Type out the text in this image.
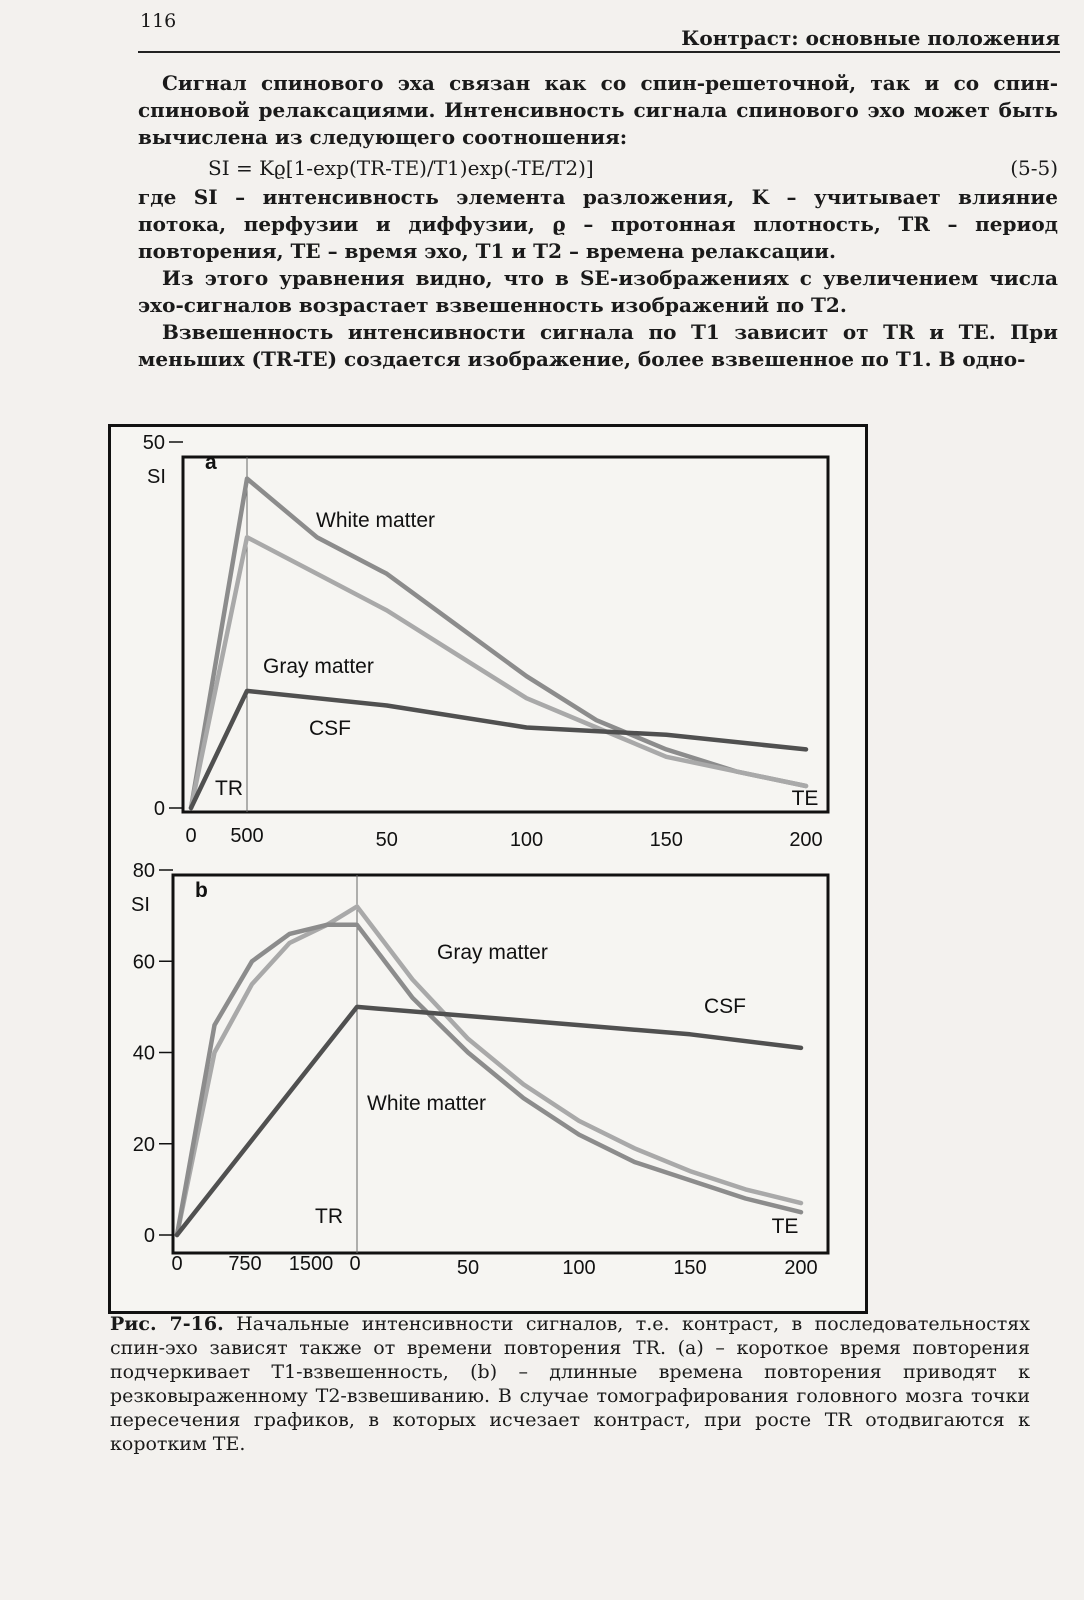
116
Контраст: основные положения

Сигнал спинового эха связан как со спин-решеточной, так и со спин-спиновой релаксациями. Интенсивность сигнала спинового эхо может быть вычислена из следующего соотношения:

SI = Kϱ[1-exp(TR-TE)/T1)exp(-TE/T2)]	(5-5)

где SI – интенсивность элемента разложения, K – учитывает влияние потока, перфузии и диффузии, ϱ – протонная плотность, TR – период повторения, TE – время эхо, T1 и T2 – времена релаксации.

Из этого уравнения видно, что в SE-изображениях с увеличением числа эхо-сигналов возрастает взвешенность изображений по T2.

Взвешенность интенсивности сигнала по T1 зависит от TR и TE. При меньших (TR-TE) создается изображение, более взвешенное по T1. В одно-

50
0
SI
a
0 500	50	100	150	200
TR	TE
White matter
Gray matter
CSF
80
60
40
20
0
SI
b
0 750 1500 0	50	100	150	200
TR	TE
Gray matter
White matter
CSF
Рис. 7-16. Начальные интенсивности сигналов, т.е. контраст, в последовательностях спин-эхо зависят также от времени повторения TR. (a) – короткое время повторения подчеркивает T1-взвешенность, (b) – длинные времена повторения приводят к резковыраженному T2-взвешиванию. В случае томографирования головного мозга точки пересечения графиков, в которых исчезает контраст, при росте TR отодвигаются к коротким TE.
